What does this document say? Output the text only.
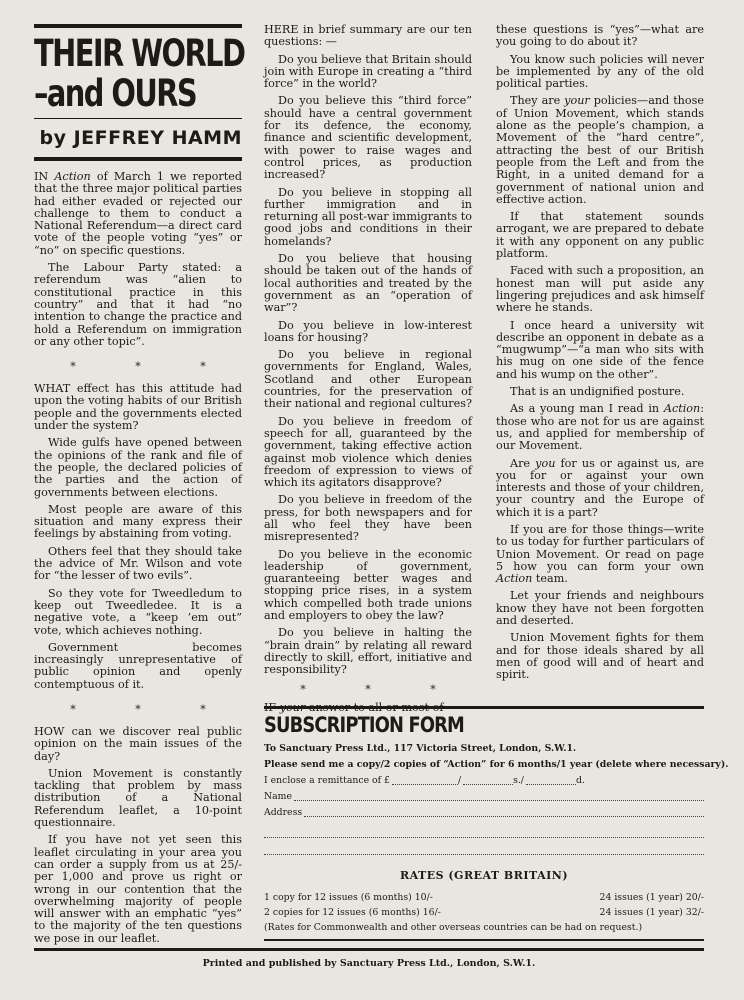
THEIR WORLD
–and OURS
by JEFFREY HAMM

IN Action of March 1 we reported that the three major political parties had either evaded or rejected our challenge to them to conduct a National Referendum—a direct card vote of the people voting “yes” or “no” on specific questions.

The Labour Party stated: a referendum was “alien to constitutional practice in this country” and that it had “no intention to change the practice and hold a Referendum on immigration or any other topic”.

* * *

WHAT effect has this attitude had upon the voting habits of our British people and the governments elected under the system?

Wide gulfs have opened between the opinions of the rank and file of the people, the declared policies of the parties and the action of governments between elections.

Most people are aware of this situation and many express their feelings by abstaining from voting.

Others feel that they should take the advice of Mr. Wilson and vote for “the lesser of two evils”.

So they vote for Tweedledum to keep out Tweedledee. It is a negative vote, a “keep ’em out” vote, which achieves nothing.

Government becomes increasingly unrepresentative of public opinion and openly contemptuous of it.

* * *

HOW can we discover real public opinion on the main issues of the day?

Union Movement is constantly tackling that problem by mass distribution of a National Referendum leaflet, a 10-point questionnaire.

If you have not yet seen this leaflet circulating in your area you can order a supply from us at 25/- per 1,000 and prove us right or wrong in our contention that the overwhelming majority of people will answer with an emphatic “yes” to the majority of the ten questions we pose in our leaflet.

HERE in brief summary are our ten questions: —

Do you believe that Britain should join with Europe in creating a “third force” in the world?

Do you believe this “third force” should have a central government for its defence, the economy, finance and scientific development, with power to raise wages and control prices, as production increased?

Do you believe in stopping all further immigration and in returning all post-war immigrants to good jobs and conditions in their homelands?

Do you believe that housing should be taken out of the hands of local authorities and treated by the government as an “operation of war”?

Do you believe in low-interest loans for housing?

Do you believe in regional governments for England, Wales, Scotland and other European countries, for the preservation of their national and regional cultures?

Do you believe in freedom of speech for all, guaranteed by the government, taking effective action against mob violence which denies freedom of expression to views of which its agitators disapprove?

Do you believe in freedom of the press, for both newspapers and for all who feel they have been misrepresented?

Do you believe in the economic leadership of government, guaranteeing better wages and stopping price rises, in a system which compelled both trade unions and employers to obey the law?

Do you believe in halting the “brain drain” by relating all reward directly to skill, effort, initiative and responsibility?

* * *

IF your answer to all or most of

these questions is “yes”—what are you going to do about it?

You know such policies will never be implemented by any of the old political parties.

They are your policies—and those of Union Movement, which stands alone as the people’s champion, a Movement of the “hard centre”, attracting the best of our British people from the Left and from the Right, in a united demand for a government of national union and effective action.

If that statement sounds arrogant, we are prepared to debate it with any opponent on any public platform.

Faced with such a proposition, an honest man will put aside any lingering prejudices and ask himself where he stands.

I once heard a university wit describe an opponent in debate as a “mugwump”—“a man who sits with his mug on one side of the fence and his wump on the other”.

That is an undignified posture.

As a young man I read in Action: those who are not for us are against us, and applied for membership of our Movement.

Are you for us or against us, are you for or against your own interests and those of your children, your country and the Europe of which it is a part?

If you are for those things—write to us today for further particulars of Union Movement. Or read on page 5 how you can form your own Action team.

Let your friends and neighbours know they have not been forgotten and deserted.

Union Movement fights for them and for those ideals shared by all men of good will and of heart and spirit.

SUBSCRIPTION FORM
To Sanctuary Press Ltd., 117 Victoria Street, London, S.W.1.
Please send me a copy/2 copies of “Action” for 6 months/1 year (delete where necessary).
I enclose a remittance of £	/	s./	d.
Name
Address
RATES (GREAT BRITAIN)
1 copy for 12 issues (6 months) 10/-	24 issues (1 year) 20/-
2 copies for 12 issues (6 months) 16/-	24 issues (1 year) 32/-
(Rates for Commonwealth and other overseas countries can be had on request.)
Printed and published by Sanctuary Press Ltd., London, S.W.1.
